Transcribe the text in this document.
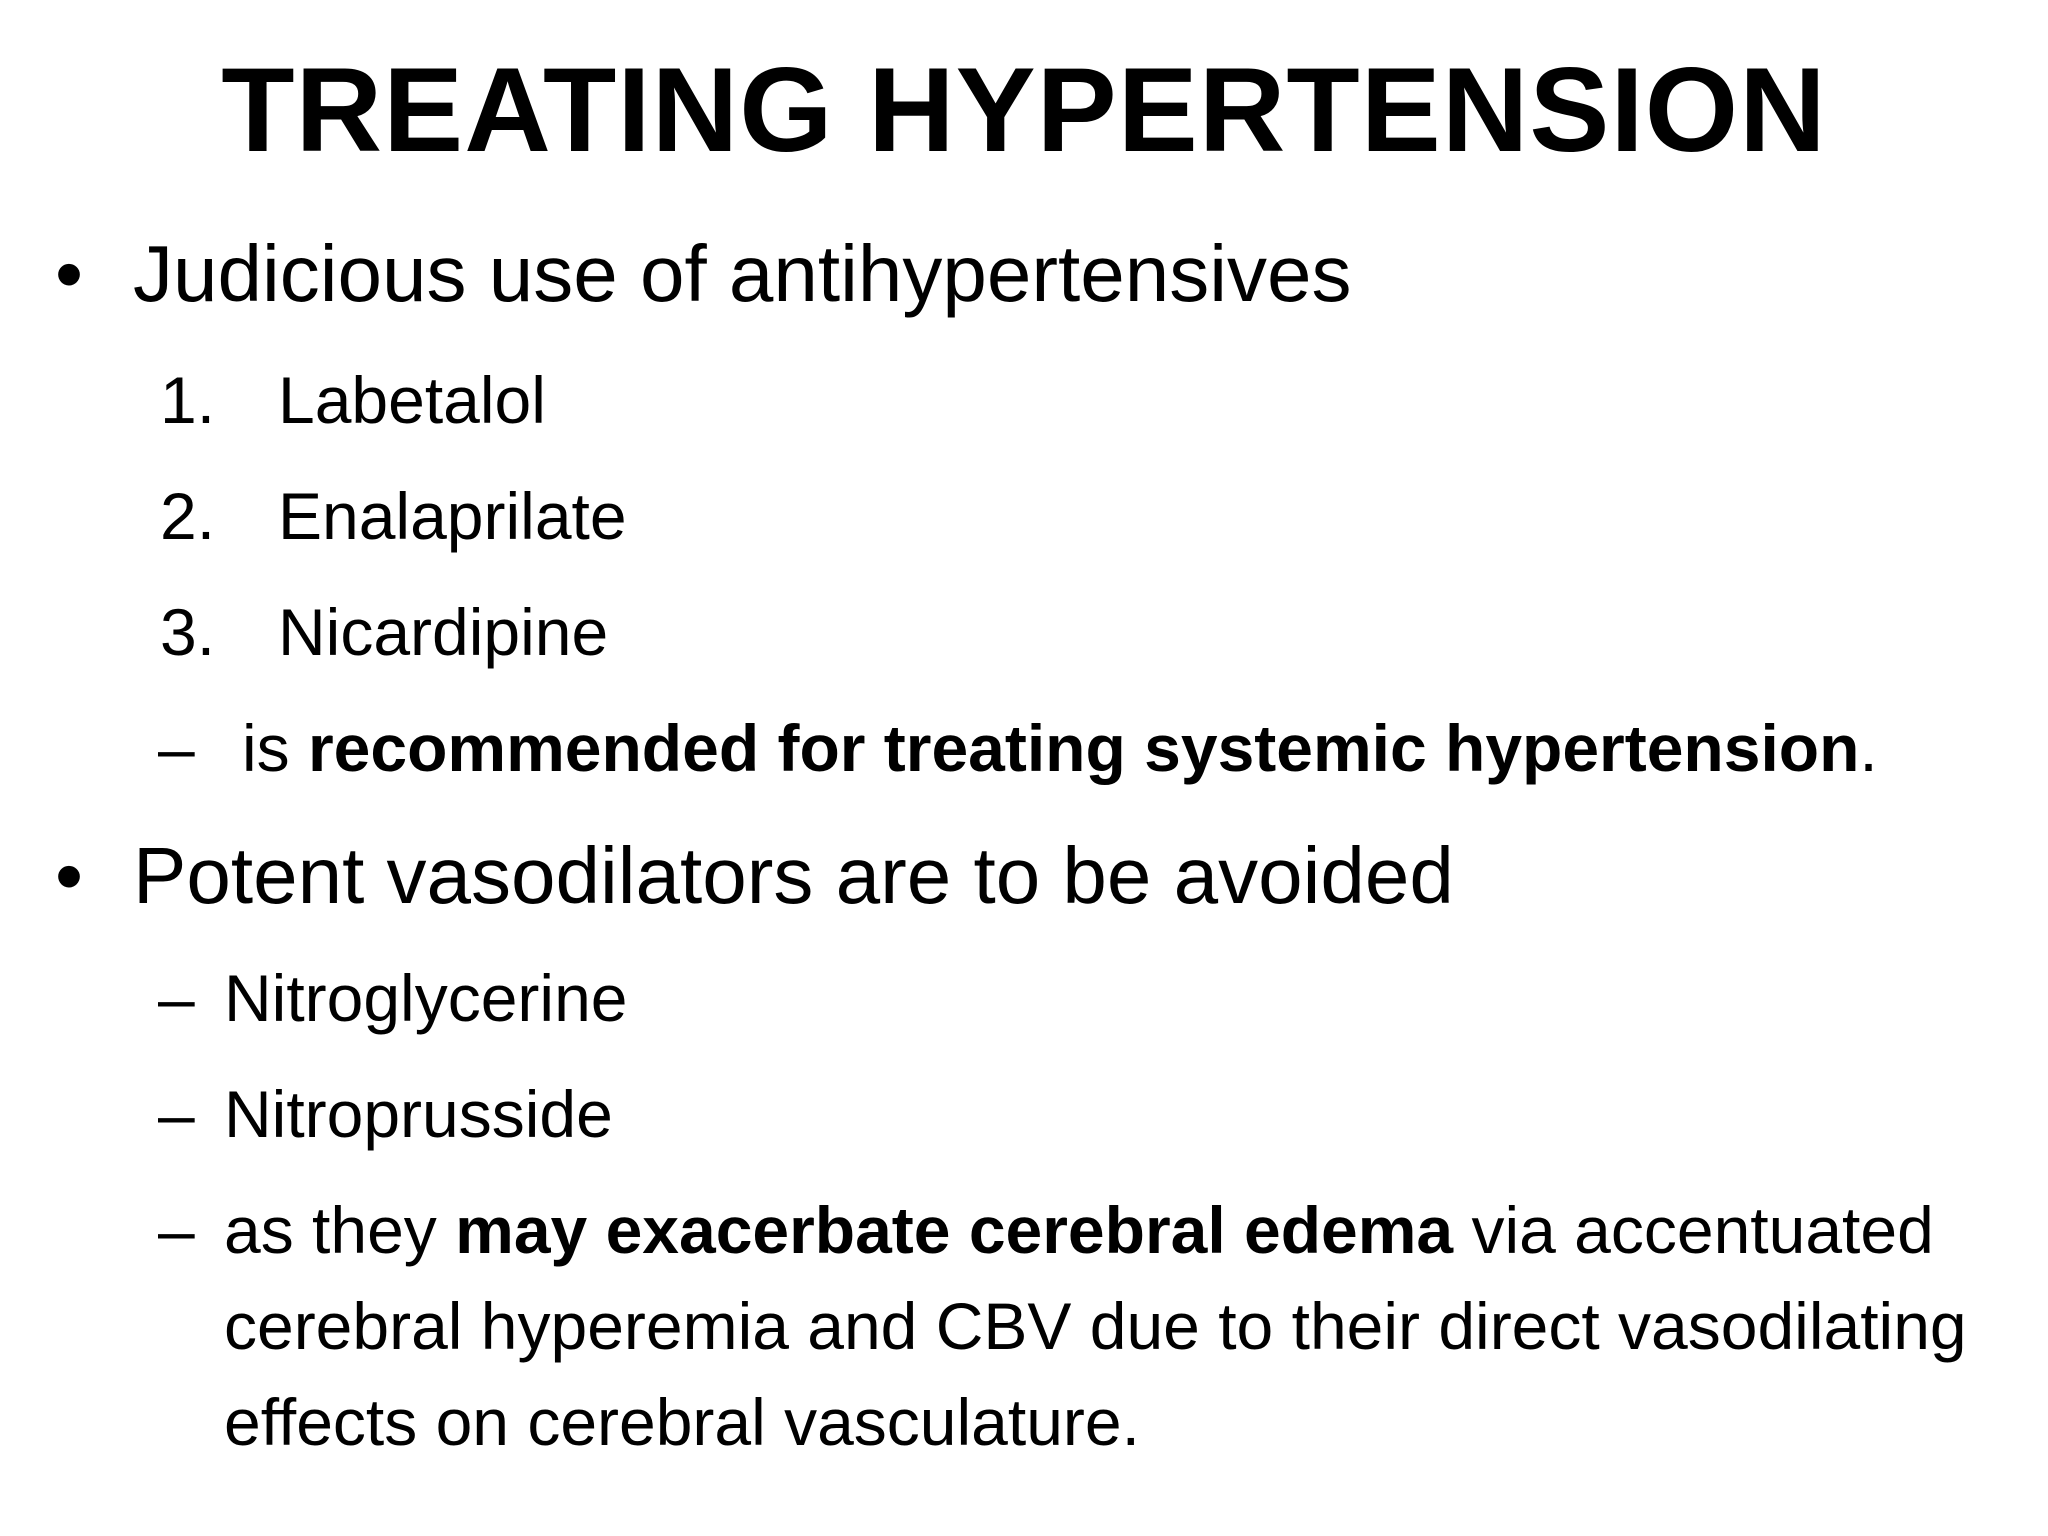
TREATING HYPERTENSION
• Judicious use of antihypertensives
1. Labetalol
2. Enalaprilate
3. Nicardipine
– is recommended for treating systemic hypertension.
• Potent vasodilators are to be avoided
– Nitroglycerine
– Nitroprusside
– as they may exacerbate cerebral edema via accentuated cerebral hyperemia and CBV due to their direct vasodilating effects on cerebral vasculature.
